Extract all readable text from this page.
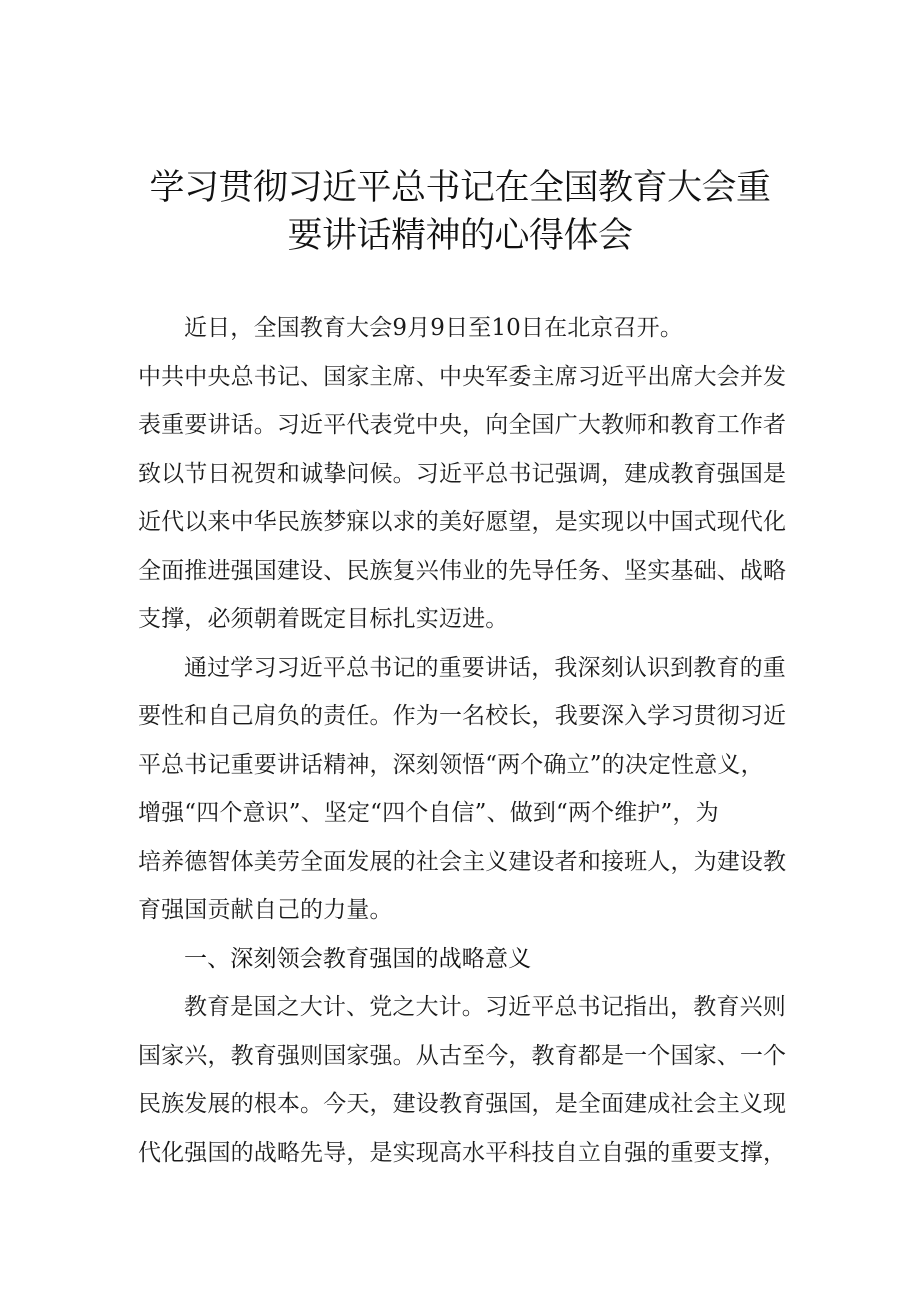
学习贯彻习近平总书记在全国教育大会重
要讲话精神的心得体会
近日，全国教育大会9月9日至10日在北京召开。
中共中央总书记、国家主席、中央军委主席习近平出席大会并发
表重要讲话。习近平代表党中央，向全国广大教师和教育工作者
致以节日祝贺和诚挚问候。习近平总书记强调，建成教育强国是
近代以来中华民族梦寐以求的美好愿望，是实现以中国式现代化
全面推进强国建设、民族复兴伟业的先导任务、坚实基础、战略
支撑，必须朝着既定目标扎实迈进。
通过学习习近平总书记的重要讲话，我深刻认识到教育的重
要性和自己肩负的责任。作为一名校长，我要深入学习贯彻习近
平总书记重要讲话精神，深刻领悟“两个确立”的决定性意义，
增强“四个意识”、坚定“四个自信”、做到“两个维护”，为
培养德智体美劳全面发展的社会主义建设者和接班人，为建设教
育强国贡献自己的力量。
一、深刻领会教育强国的战略意义
教育是国之大计、党之大计。习近平总书记指出，教育兴则
国家兴，教育强则国家强。从古至今，教育都是一个国家、一个
民族发展的根本。今天，建设教育强国，是全面建成社会主义现
代化强国的战略先导，是实现高水平科技自立自强的重要支撑，
